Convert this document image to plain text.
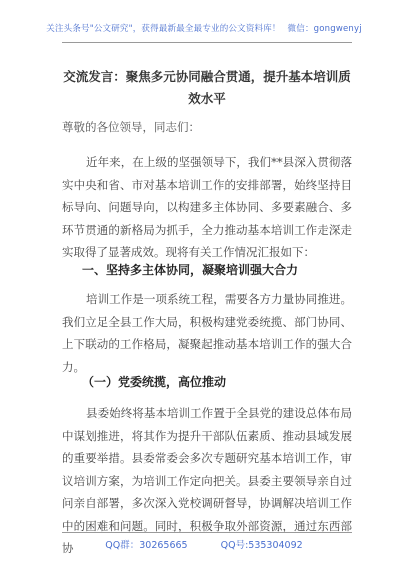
关注头条号"公文研究"，获得最新最全最专业的公文资料库！ 微信：gongwenyj
交流发言：聚焦多元协同融合贯通，提升基本培训质效水平
尊敬的各位领导，同志们：

近年来，在上级的坚强领导下，我们**县深入贯彻落实中央和省、市对基本培训工作的安排部署，始终坚持目标导向、问题导向，以构建多主体协同、多要素融合、多环节贯通的新格局为抓手，全力推动基本培训工作走深走实取得了显著成效。现将有关工作情况汇报如下：

一、坚持多主体协同，凝聚培训强大合力

培训工作是一项系统工程，需要各方力量协同推进。我们立足全县工作大局，积极构建党委统揽、部门协同、上下联动的工作格局，凝聚起推动基本培训工作的强大合力。

（一）党委统揽，高位推动

县委始终将基本培训工作置于全县党的建设总体布局中谋划推进，将其作为提升干部队伍素质、推动县域发展的重要举措。县委常委会多次专题研究基本培训工作，审议培训方案，为培训工作定向把关。县委主要领导亲自过问亲自部署，多次深入党校调研督导，协调解决培训工作中的困难和问题。同时，积极争取外部资源，通过东西部协	QQ群：30265665	QQ号:535304092
